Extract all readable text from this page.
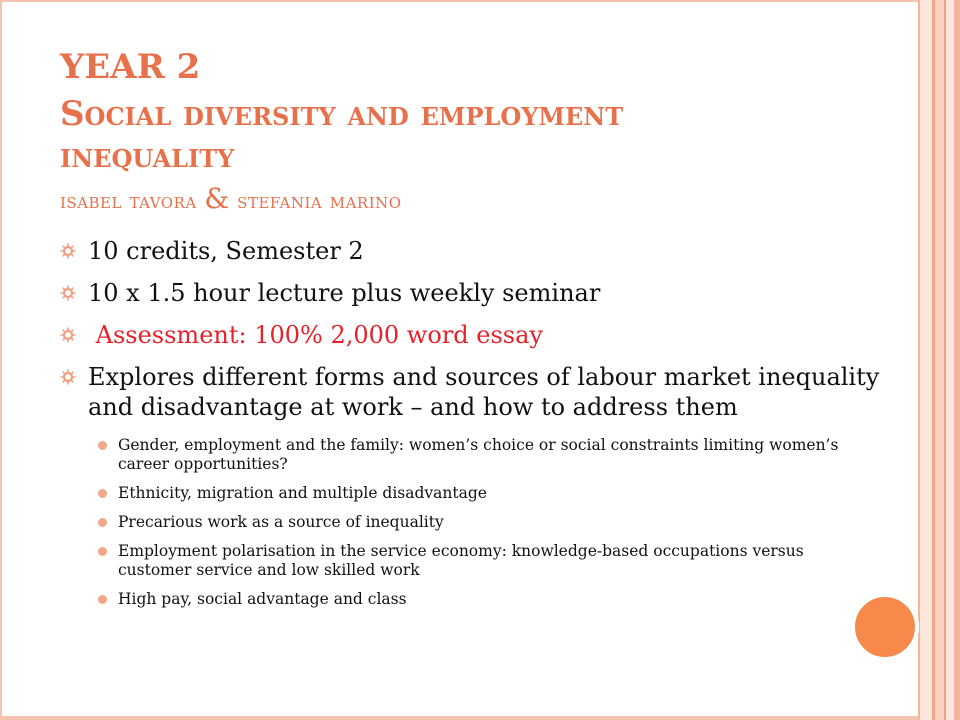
YEAR 2
Social diversity and employment
inequality
isabel tavora & stefania marino
10 credits, Semester 2
10 x 1.5 hour lecture plus weekly seminar
Assessment: 100% 2,000 word essay
Explores different forms and sources of labour market inequality and disadvantage at work – and how to address them
Gender, employment and the family: women’s choice or social constraints limiting women’s career opportunities?
Ethnicity, migration and multiple disadvantage
Precarious work as a source of inequality
Employment polarisation in the service economy: knowledge-based occupations versus customer service and low skilled work
High pay, social advantage and class
